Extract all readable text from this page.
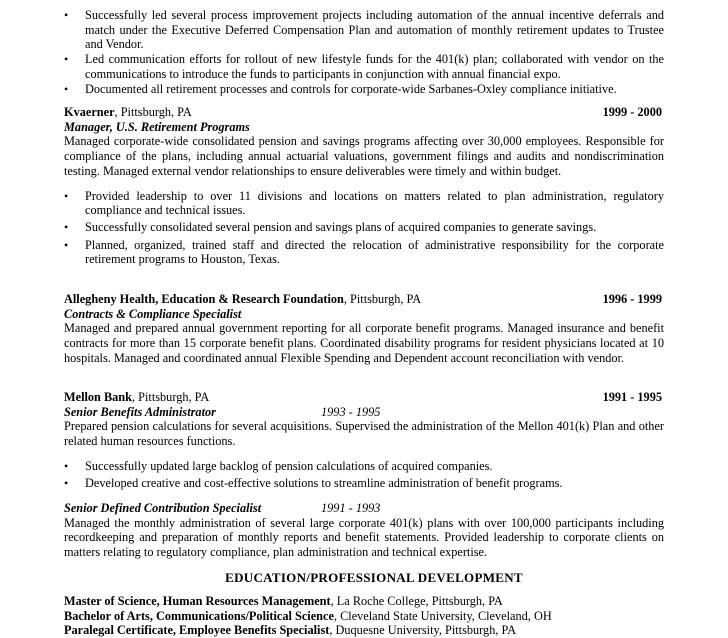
• Successfully led several process improvement projects including automation of the annual incentive deferrals and match under the Executive Deferred Compensation Plan and automation of monthly retirement updates to Trustee and Vendor.
• Led communication efforts for rollout of new lifestyle funds for the 401(k) plan; collaborated with vendor on the communications to introduce the funds to participants in conjunction with annual financial expo.
• Documented all retirement processes and controls for corporate-wide Sarbanes-Oxley compliance initiative.
Kvaerner, Pittsburgh, PA	1999 - 2000
Manager, U.S. Retirement Programs
Managed corporate-wide consolidated pension and savings programs affecting over 30,000 employees. Responsible for compliance of the plans, including annual actuarial valuations, government filings and audits and nondiscrimination testing. Managed external vendor relationships to ensure deliverables were timely and within budget.
• Provided leadership to over 11 divisions and locations on matters related to plan administration, regulatory compliance and technical issues.
• Successfully consolidated several pension and savings plans of acquired companies to generate savings.
• Planned, organized, trained staff and directed the relocation of administrative responsibility for the corporate retirement programs to Houston, Texas.
Allegheny Health, Education & Research Foundation, Pittsburgh, PA	1996 - 1999
Contracts & Compliance Specialist
Managed and prepared annual government reporting for all corporate benefit programs. Managed insurance and benefit contracts for more than 15 corporate benefit plans. Coordinated disability programs for resident physicians located at 10 hospitals. Managed and coordinated annual Flexible Spending and Dependent account reconciliation with vendor.
Mellon Bank, Pittsburgh, PA	1991 - 1995
Senior Benefits Administrator	1993 - 1995
Prepared pension calculations for several acquisitions. Supervised the administration of the Mellon 401(k) Plan and other related human resources functions.
• Successfully updated large backlog of pension calculations of acquired companies.
• Developed creative and cost-effective solutions to streamline administration of benefit programs.
Senior Defined Contribution Specialist	1991 - 1993
Managed the monthly administration of several large corporate 401(k) plans with over 100,000 participants including recordkeeping and preparation of monthly reports and benefit statements. Provided leadership to corporate clients on matters relating to regulatory compliance, plan administration and technical expertise.
EDUCATION/PROFESSIONAL DEVELOPMENT
Master of Science, Human Resources Management, La Roche College, Pittsburgh, PA
Bachelor of Arts, Communications/Political Science, Cleveland State University, Cleveland, OH
Paralegal Certificate, Employee Benefits Specialist, Duquesne University, Pittsburgh, PA
